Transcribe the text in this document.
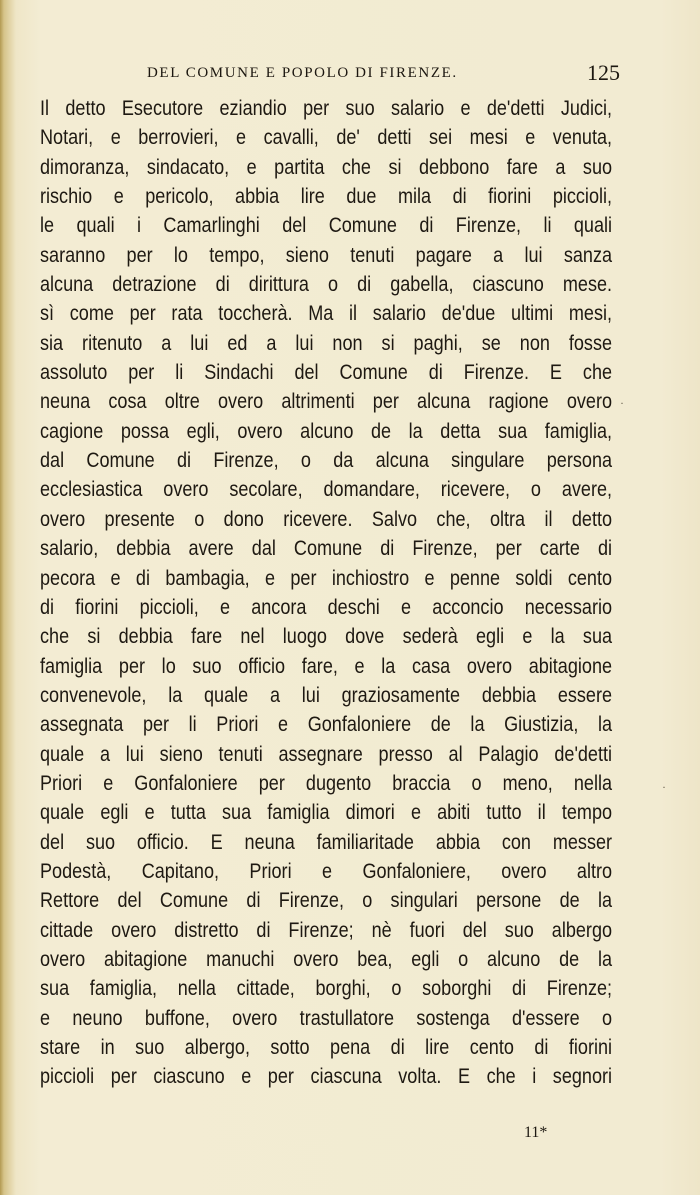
DEL COMUNE E POPOLO DI FIRENZE.	125
Il detto Esecutore eziandio per suo salario e de'detti Judici,
Notari, e berrovieri, e cavalli, de' detti sei mesi e venuta,
dimoranza, sindacato, e partita che si debbono fare a suo
rischio e pericolo, abbia lire due mila di fiorini piccioli,
le quali i Camarlinghi del Comune di Firenze, li quali
saranno per lo tempo, sieno tenuti pagare a lui sanza
alcuna detrazione di dirittura o di gabella, ciascuno mese.
sì come per rata toccherà. Ma il salario de'due ultimi mesi,
sia ritenuto a lui ed a lui non si paghi, se non fosse
assoluto per li Sindachi del Comune di Firenze. E che
neuna cosa oltre overo altrimenti per alcuna ragione overo
cagione possa egli, overo alcuno de la detta sua famiglia,
dal Comune di Firenze, o da alcuna singulare persona
ecclesiastica overo secolare, domandare, ricevere, o avere,
overo presente o dono ricevere. Salvo che, oltra il detto
salario, debbia avere dal Comune di Firenze, per carte di
pecora e di bambagia, e per inchiostro e penne soldi cento
di fiorini piccioli, e ancora deschi e acconcio necessario
che si debbia fare nel luogo dove sederà egli e la sua
famiglia per lo suo officio fare, e la casa overo abitagione
convenevole, la quale a lui graziosamente debbia essere
assegnata per li Priori e Gonfaloniere de la Giustizia, la
quale a lui sieno tenuti assegnare presso al Palagio de'detti
Priori e Gonfaloniere per dugento braccia o meno, nella
quale egli e tutta sua famiglia dimori e abiti tutto il tempo
del suo officio. E neuna familiaritade abbia con messer
Podestà, Capitano, Priori e Gonfaloniere, overo altro
Rettore del Comune di Firenze, o singulari persone de la
cittade overo distretto di Firenze; nè fuori del suo albergo
overo abitagione manuchi overo bea, egli o alcuno de la
sua famiglia, nella cittade, borghi, o soborghi di Firenze;
e neuno buffone, overo trastullatore sostenga d'essere o
stare in suo albergo, sotto pena di lire cento di fiorini
piccioli per ciascuno e per ciascuna volta. E che i segnori
·
·
11*
